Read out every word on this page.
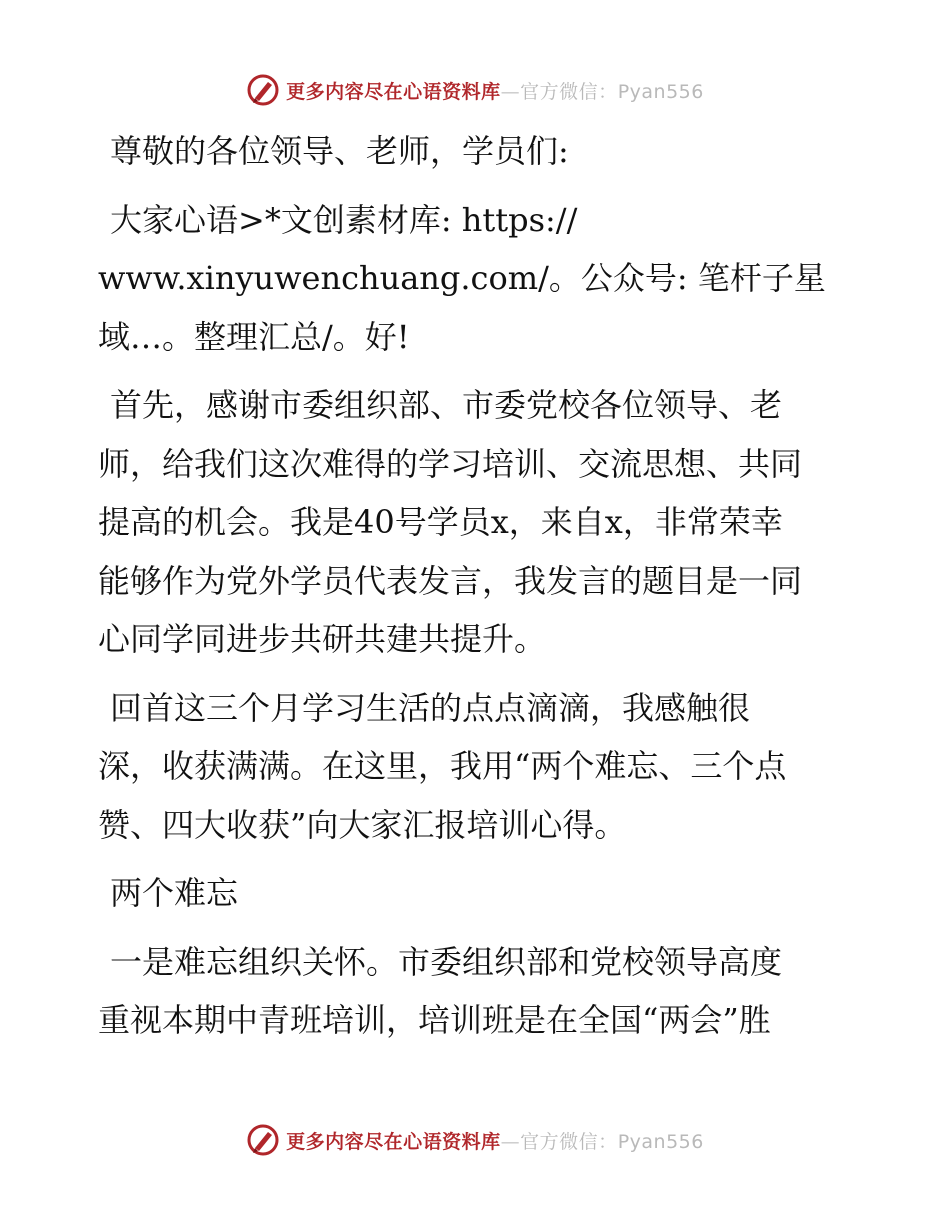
更多内容尽在心语资料库—官方微信：Pyan556

尊敬的各位领导、老师，学员们:

大家心语>*文创素材库: https://
www.xinyuwenchuang.com/。公众号: 笔杆子星
域…。整理汇总/。好!

首先，感谢市委组织部、市委党校各位领导、老
师，给我们这次难得的学习培训、交流思想、共同
提高的机会。我是40号学员x，来自x，非常荣幸
能够作为党外学员代表发言，我发言的题目是一同
心同学同进步共研共建共提升。

回首这三个月学习生活的点点滴滴，我感触很
深，收获满满。在这里，我用“两个难忘、三个点
赞、四大收获”向大家汇报培训心得。

两个难忘

一是难忘组织关怀。市委组织部和党校领导高度
重视本期中青班培训，培训班是在全国“两会”胜

更多内容尽在心语资料库—官方微信：Pyan556
